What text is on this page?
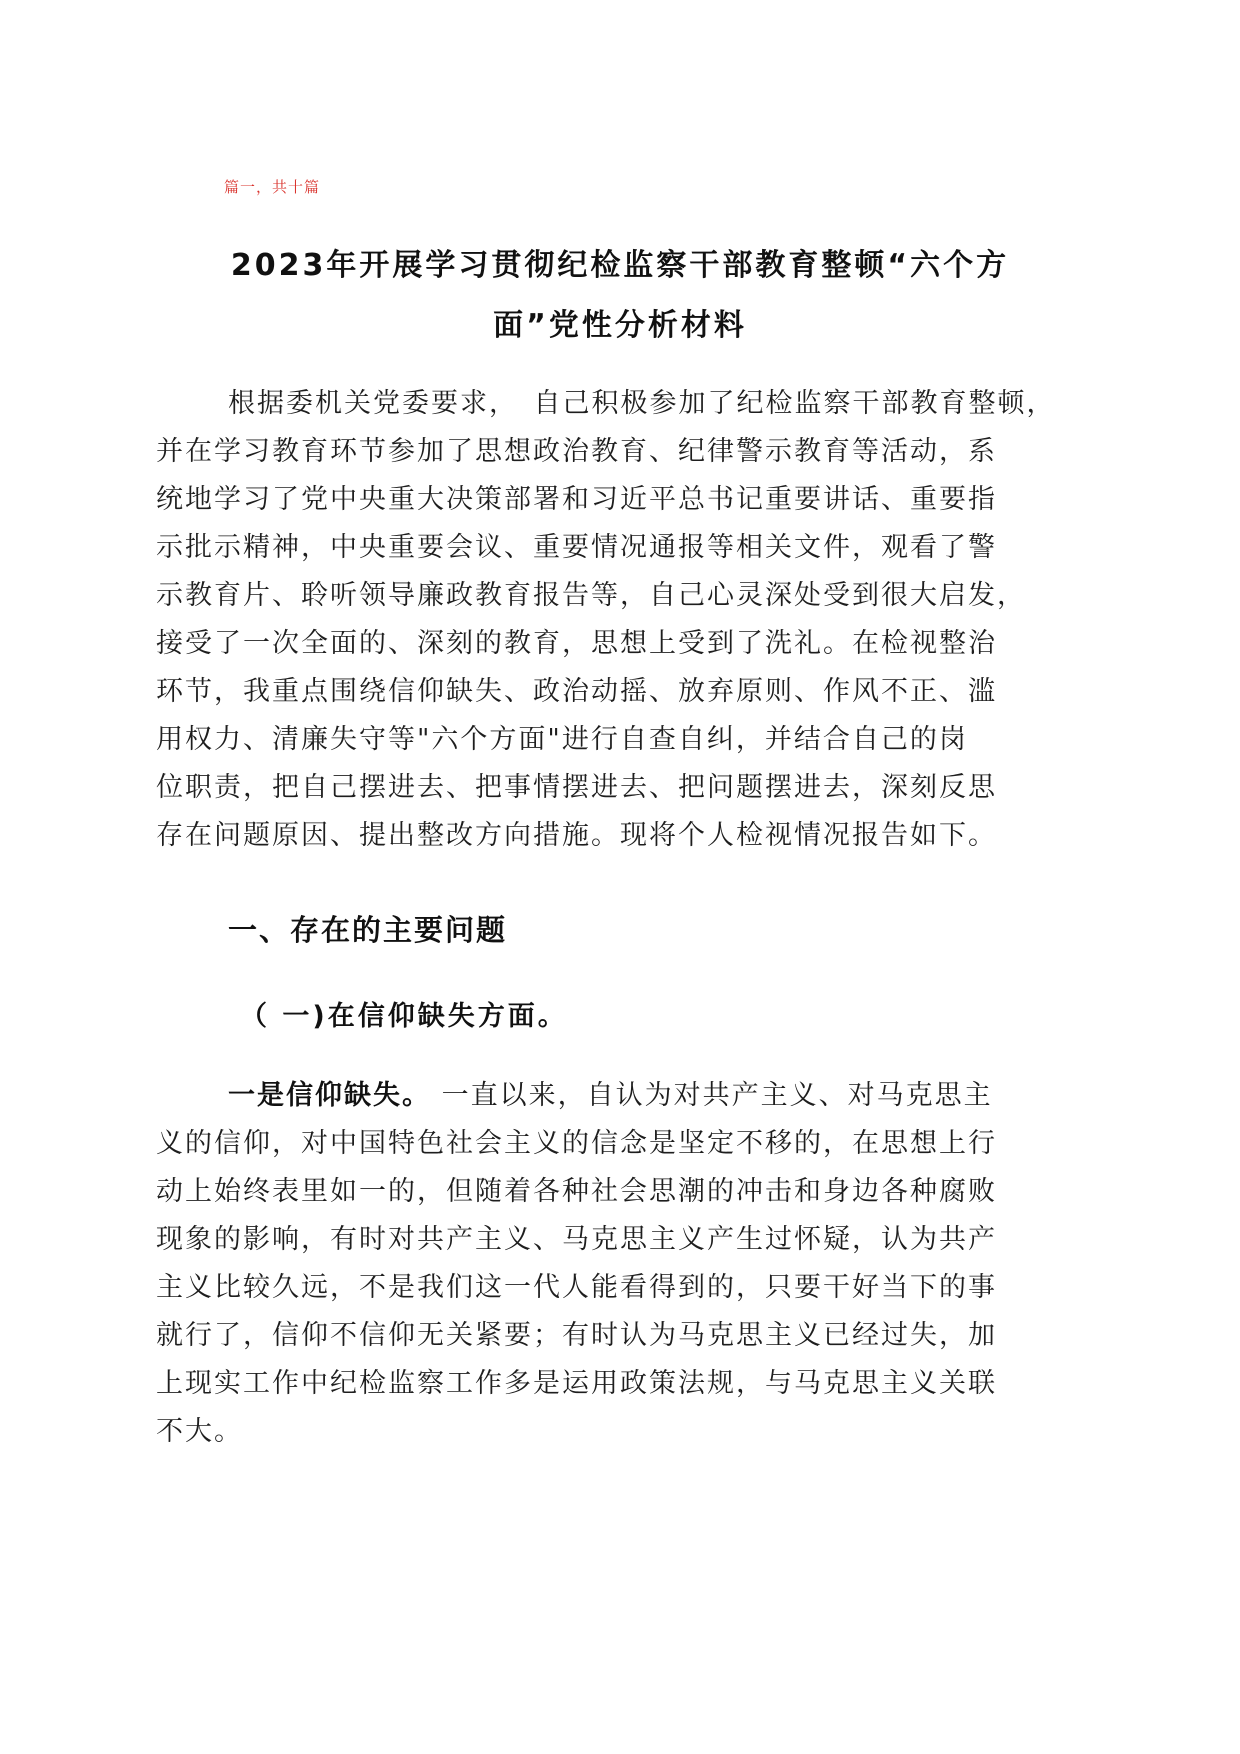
篇一，共十篇
2023年开展学习贯彻纪检监察干部教育整顿“六个方
面”党性分析材料
根据委机关党委要求，　自己积极参加了纪检监察干部教育整顿，
并在学习教育环节参加了思想政治教育、纪律警示教育等活动，系
统地学习了党中央重大决策部署和习近平总书记重要讲话、重要指
示批示精神，中央重要会议、重要情况通报等相关文件，观看了警
示教育片、聆听领导廉政教育报告等，自己心灵深处受到很大启发，
接受了一次全面的、深刻的教育，思想上受到了洗礼。在检视整治
环节，我重点围绕信仰缺失、政治动摇、放弃原则、作风不正、滥
用权力、清廉失守等"六个方面"进行自查自纠，并结合自己的岗
位职责，把自己摆进去、把事情摆进去、把问题摆进去，深刻反思
存在问题原因、提出整改方向措施。现将个人检视情况报告如下。
一、存在的主要问题
（ 一)在信仰缺失方面。
一是信仰缺失。 一直以来，自认为对共产主义、对马克思主
义的信仰，对中国特色社会主义的信念是坚定不移的，在思想上行
动上始终表里如一的，但随着各种社会思潮的冲击和身边各种腐败
现象的影响，有时对共产主义、马克思主义产生过怀疑，认为共产
主义比较久远，不是我们这一代人能看得到的，只要干好当下的事
就行了，信仰不信仰无关紧要；有时认为马克思主义已经过失，加
上现实工作中纪检监察工作多是运用政策法规，与马克思主义关联
不大。
